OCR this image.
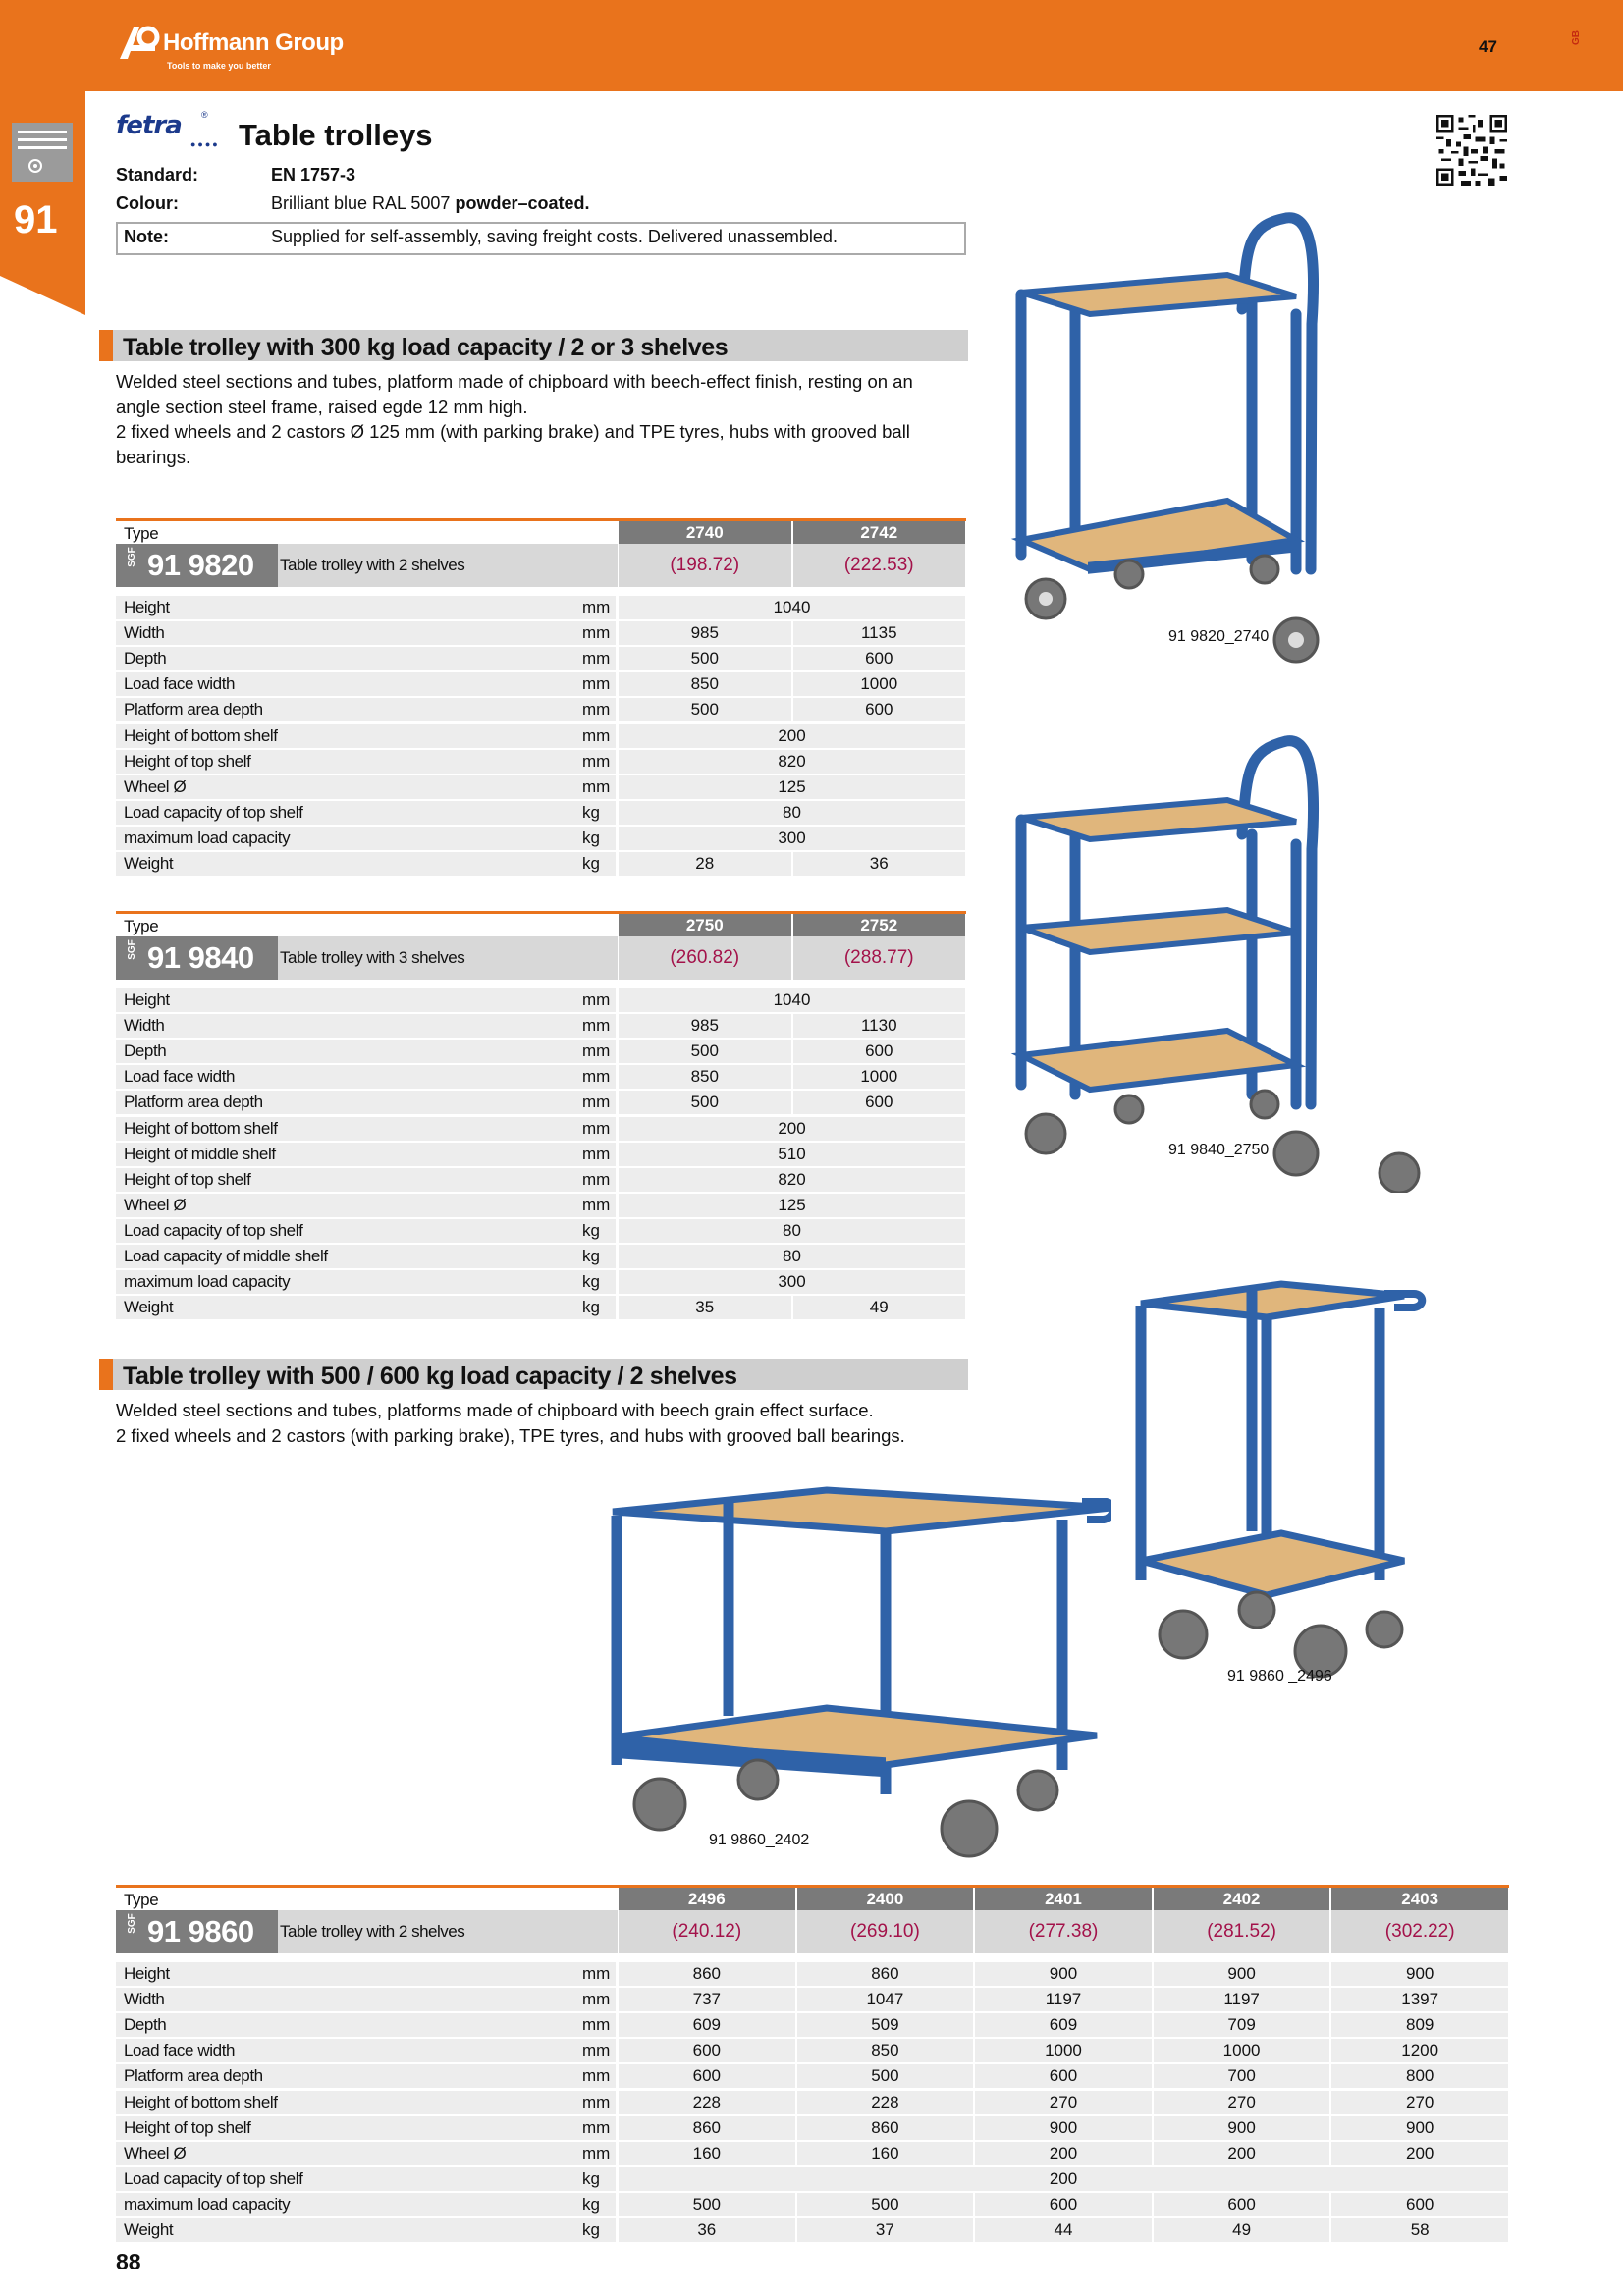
Hoffmann Group
Tools to make you better
47	GB
91
fetra ®
●●●● Table trolleys
Standard:	EN 1757-3
Colour:	Brilliant blue RAL 5007 powder–coated.
Note:	Supplied for self-assembly, saving freight costs. Delivered unassembled.
Table trolley with 300 kg load capacity / 2 or 3 shelves
Welded steel sections and tubes, platform made of chipboard with beech-effect finish, resting on an
angle section steel frame, raised egde 12 mm high.
2 fixed wheels and 2 castors Ø 125 mm (with parking brake) and TPE tyres, hubs with grooved ball
bearings.
Type	2740	2742
SGF 91 9820 Table trolley with 2 shelves	(198.72)	(222.53)
Height	mm	1040
Width	mm	985	1135
Depth	mm	500	600
Load face width	mm	850	1000
Platform area depth	mm	500	600
Height of bottom shelf	mm	200
Height of top shelf	mm	820
Wheel Ø	mm	125
Load capacity of top shelf	kg	80
maximum load capacity	kg	300
Weight	kg	28	36
Type	2750	2752
SGF 91 9840 Table trolley with 3 shelves	(260.82)	(288.77)
Height	mm	1040
Width	mm	985	1130
Depth	mm	500	600
Load face width	mm	850	1000
Platform area depth	mm	500	600
Height of bottom shelf	mm	200
Height of middle shelf	mm	510
Height of top shelf	mm	820
Wheel Ø	mm	125
Load capacity of top shelf	kg	80
Load capacity of middle shelf	kg	80
maximum load capacity	kg	300
Weight	kg	35	49
Table trolley with 500 / 600 kg load capacity / 2 shelves
Welded steel sections and tubes, platforms made of chipboard with beech grain effect surface.
2 fixed wheels and 2 castors (with parking brake), TPE tyres, and hubs with grooved ball bearings.
Type	2496	2400	2401	2402	2403
SGF 91 9860 Table trolley with 2 shelves	(240.12)	(269.10)	(277.38)	(281.52)	(302.22)
Height	mm	860	860	900	900	900
Width	mm	737	1047	1197	1197	1397
Depth	mm	609	509	609	709	809
Load face width	mm	600	850	1000	1000	1200
Platform area depth	mm	600	500	600	700	800
Height of bottom shelf	mm	228	228	270	270	270
Height of top shelf	mm	860	860	900	900	900
Wheel Ø	mm	160	160	200	200	200
Load capacity of top shelf	kg	200
maximum load capacity	kg	500	500	600	600	600
Weight	kg	36	37	44	49	58
91 9820_2740
91 9840_2750
91 9860 _2496
91 9860_2402
88
